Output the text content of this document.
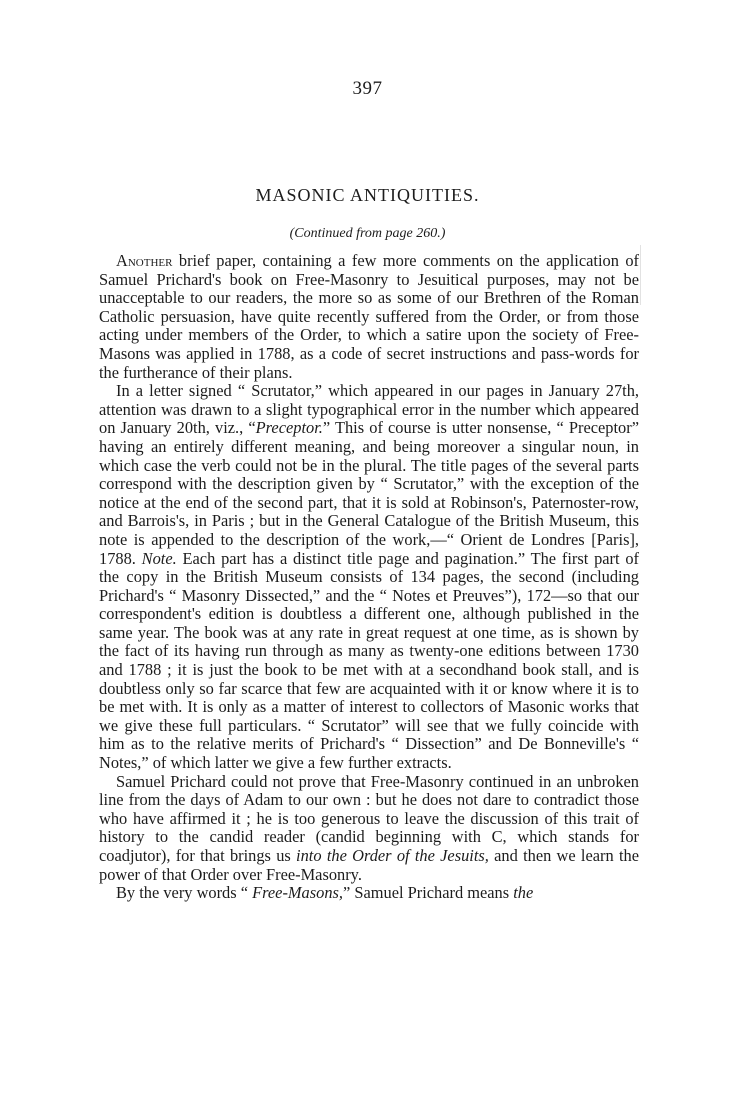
397
MASONIC ANTIQUITIES.
(Continued from page 260.)

Another brief paper, containing a few more comments on the application of Samuel Prichard's book on Free-Masonry to Jesuitical purposes, may not be unacceptable to our readers, the more so as some of our Brethren of the Roman Catholic persuasion, have quite recently suffered from the Order, or from those acting under members of the Order, to which a satire upon the society of Free-Masons was applied in 1788, as a code of secret instructions and pass-words for the furtherance of their plans.

In a letter signed “ Scrutator,” which appeared in our pages in January 27th, attention was drawn to a slight typographical error in the number which appeared on January 20th, viz., “Preceptor.” This of course is utter nonsense, “ Preceptor” having an entirely different meaning, and being moreover a singular noun, in which case the verb could not be in the plural. The title pages of the several parts correspond with the description given by “ Scrutator,” with the exception of the notice at the end of the second part, that it is sold at Robinson's, Paternoster-row, and Barrois's, in Paris ; but in the General Catalogue of the British Museum, this note is appended to the description of the work,—“ Orient de Londres [Paris], 1788. Note. Each part has a distinct title page and pagination.” The first part of the copy in the British Museum consists of 134 pages, the second (including Prichard's “ Masonry Dissected,” and the “ Notes et Preuves”), 172—so that our correspondent's edition is doubtless a different one, although published in the same year. The book was at any rate in great request at one time, as is shown by the fact of its having run through as many as twenty-one editions between 1730 and 1788 ; it is just the book to be met with at a secondhand book stall, and is doubtless only so far scarce that few are acquainted with it or know where it is to be met with. It is only as a matter of interest to collectors of Masonic works that we give these full particulars. “ Scrutator” will see that we fully coincide with him as to the relative merits of Prichard's “ Dissection” and De Bonneville's “ Notes,” of which latter we give a few further extracts.

Samuel Prichard could not prove that Free-Masonry continued in an unbroken line from the days of Adam to our own : but he does not dare to contradict those who have affirmed it ; he is too generous to leave the discussion of this trait of history to the candid reader (candid beginning with C, which stands for coadjutor), for that brings us into the Order of the Jesuits, and then we learn the power of that Order over Free-Masonry.

By the very words “ Free-Masons,” Samuel Prichard means the
